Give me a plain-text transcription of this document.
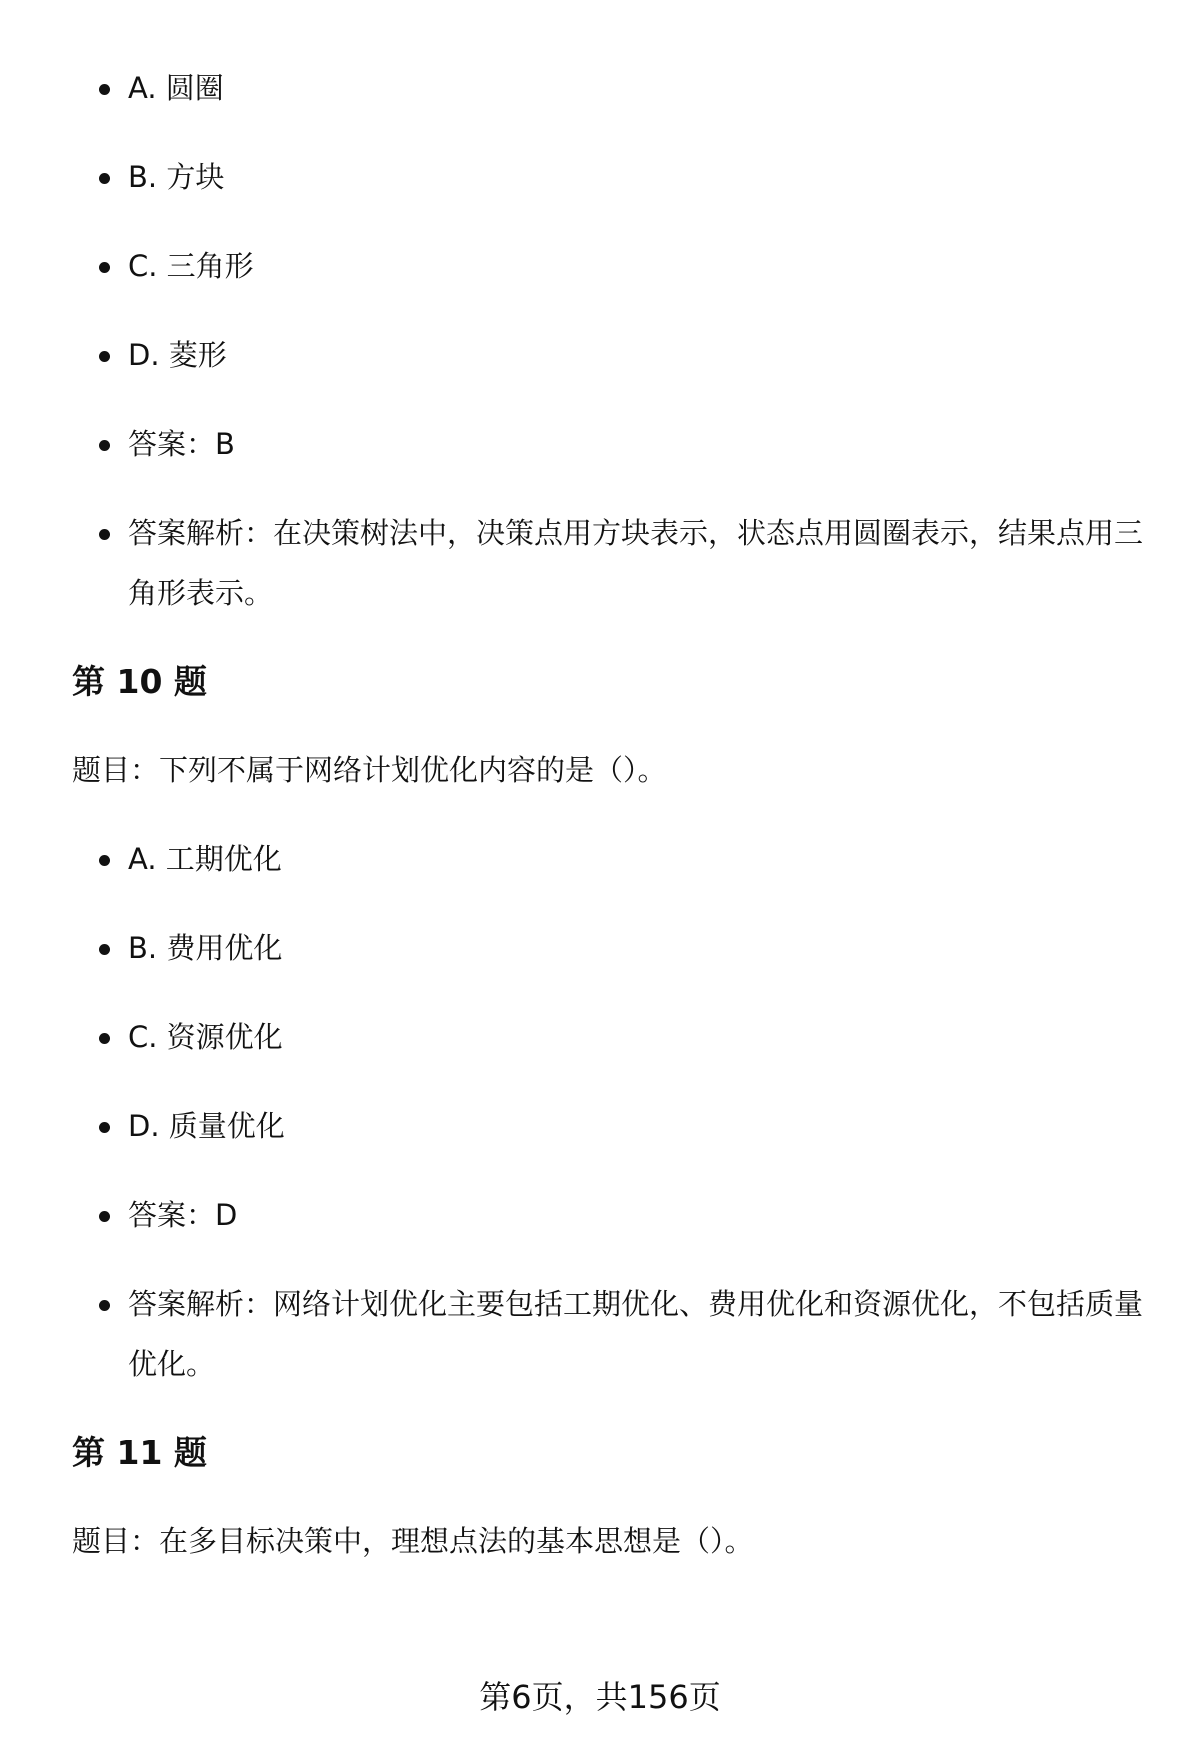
A. 圆圈
B. 方块
C. 三角形
D. 菱形
答案：B
答案解析：在决策树法中，决策点用方块表示，状态点用圆圈表示，结果点用三角形表示。
第 10 题

题目：下列不属于网络计划优化内容的是（）。

A. 工期优化
B. 费用优化
C. 资源优化
D. 质量优化
答案：D
答案解析：网络计划优化主要包括工期优化、费用优化和资源优化，不包括质量优化。
第 11 题

题目：在多目标决策中，理想点法的基本思想是（）。

第6页，共156页
